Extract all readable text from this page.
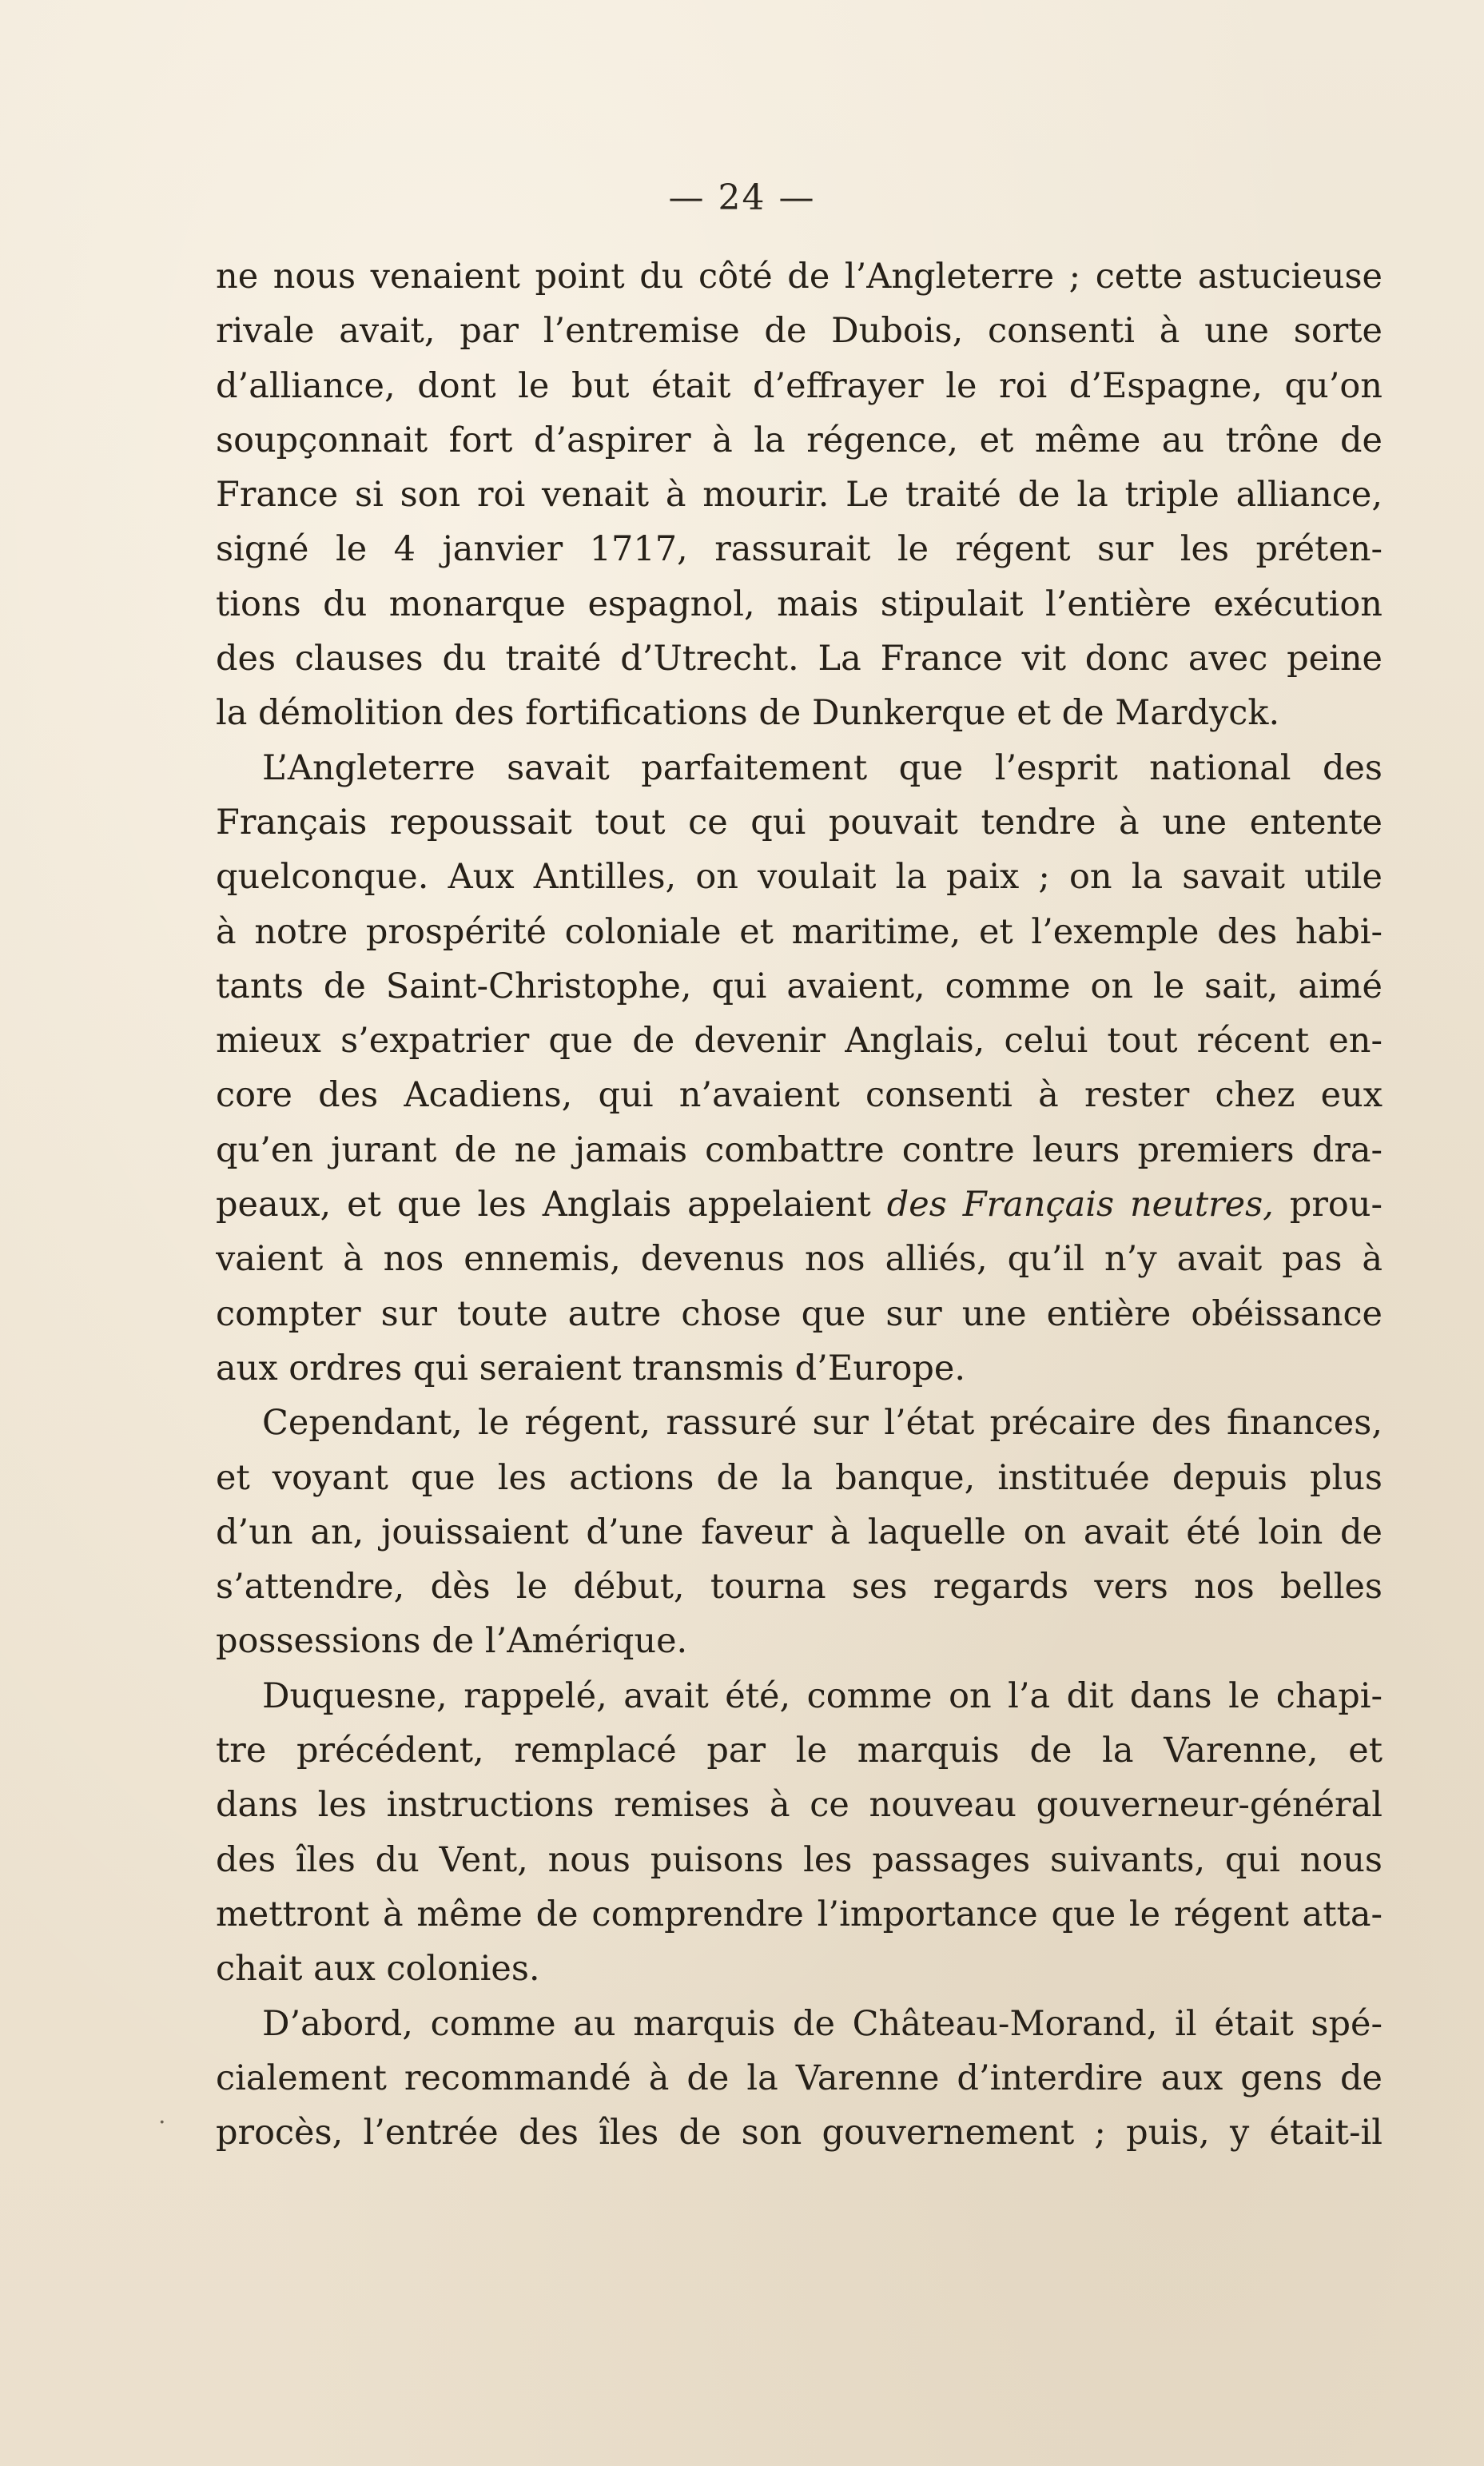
— 24 —
ne nous venaient point du côté de l’Angleterre ; cette astucieuse
rivale avait, par l’entremise de Dubois, consenti à une sorte
d’alliance, dont le but était d’effrayer le roi d’Espagne, qu’on
soupçonnait fort d’aspirer à la régence, et même au trône de
France si son roi venait à mourir. Le traité de la triple alliance,
signé le 4 janvier 1717, rassurait le régent sur les préten-
tions du monarque espagnol, mais stipulait l’entière exécution
des clauses du traité d’Utrecht. La France vit donc avec peine
la démolition des fortifications de Dunkerque et de Mardyck.
L’Angleterre savait parfaitement que l’esprit national des
Français repoussait tout ce qui pouvait tendre à une entente
quelconque. Aux Antilles, on voulait la paix ; on la savait utile
à notre prospérité coloniale et maritime, et l’exemple des habi-
tants de Saint-Christophe, qui avaient, comme on le sait, aimé
mieux s’expatrier que de devenir Anglais, celui tout récent en-
core des Acadiens, qui n’avaient consenti à rester chez eux
qu’en jurant de ne jamais combattre contre leurs premiers dra-
peaux, et que les Anglais appelaient des Français neutres, prou-
vaient à nos ennemis, devenus nos alliés, qu’il n’y avait pas à
compter sur toute autre chose que sur une entière obéissance
aux ordres qui seraient transmis d’Europe.
Cependant, le régent, rassuré sur l’état précaire des finances,
et voyant que les actions de la banque, instituée depuis plus
d’un an, jouissaient d’une faveur à laquelle on avait été loin de
s’attendre, dès le début, tourna ses regards vers nos belles
possessions de l’Amérique.
Duquesne, rappelé, avait été, comme on l’a dit dans le chapi-
tre précédent, remplacé par le marquis de la Varenne, et
dans les instructions remises à ce nouveau gouverneur-général
des îles du Vent, nous puisons les passages suivants, qui nous
mettront à même de comprendre l’importance que le régent atta-
chait aux colonies.
D’abord, comme au marquis de Château-Morand, il était spé-
cialement recommandé à de la Varenne d’interdire aux gens de
procès, l’entrée des îles de son gouvernement ; puis, y était-il
·
